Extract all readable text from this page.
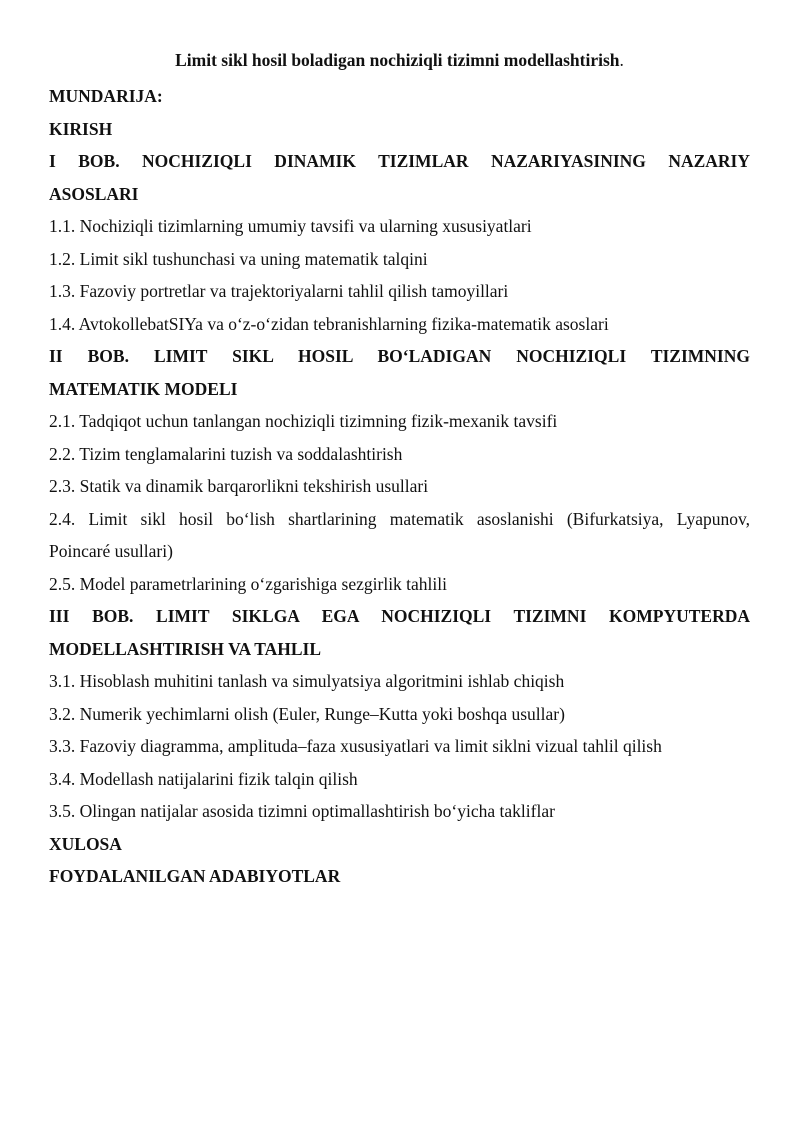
Limit sikl hosil boladigan nochiziqli tizimni modellashtirish.

MUNDARIJA:

KIRISH

I BOB. NOCHIZIQLI DINAMIK TIZIMLAR NAZARIYASINING NAZARIY
ASOSLARI

1.1. Nochiziqli tizimlarning umumiy tavsifi va ularning xususiyatlari

1.2. Limit sikl tushunchasi va uning matematik talqini

1.3. Fazoviy portretlar va trajektoriyalarni tahlil qilish tamoyillari

1.4. AvtokollebatSIYa va o‘z-o‘zidan tebranishlarning fizika-matematik asoslari

II BOB. LIMIT SIKL HOSIL BO‘LADIGAN NOCHIZIQLI TIZIMNING
MATEMATIK MODELI

2.1. Tadqiqot uchun tanlangan nochiziqli tizimning fizik-mexanik tavsifi

2.2. Tizim tenglamalarini tuzish va soddalashtirish

2.3. Statik va dinamik barqarorlikni tekshirish usullari

2.4. Limit sikl hosil bo‘lish shartlarining matematik asoslanishi (Bifurkatsiya, Lyapunov,
Poincaré usullari)

2.5. Model parametrlarining o‘zgarishiga sezgirlik tahlili

III BOB. LIMIT SIKLGA EGA NOCHIZIQLI TIZIMNI KOMPYUTERDA
MODELLASHTIRISH VA TAHLIL

3.1. Hisoblash muhitini tanlash va simulyatsiya algoritmini ishlab chiqish

3.2. Numerik yechimlarni olish (Euler, Runge–Kutta yoki boshqa usullar)

3.3. Fazoviy diagramma, amplituda–faza xususiyatlari va limit siklni vizual tahlil qilish

3.4. Modellash natijalarini fizik talqin qilish

3.5. Olingan natijalar asosida tizimni optimallashtirish bo‘yicha takliflar

XULOSA

FOYDALANILGAN ADABIYOTLAR
